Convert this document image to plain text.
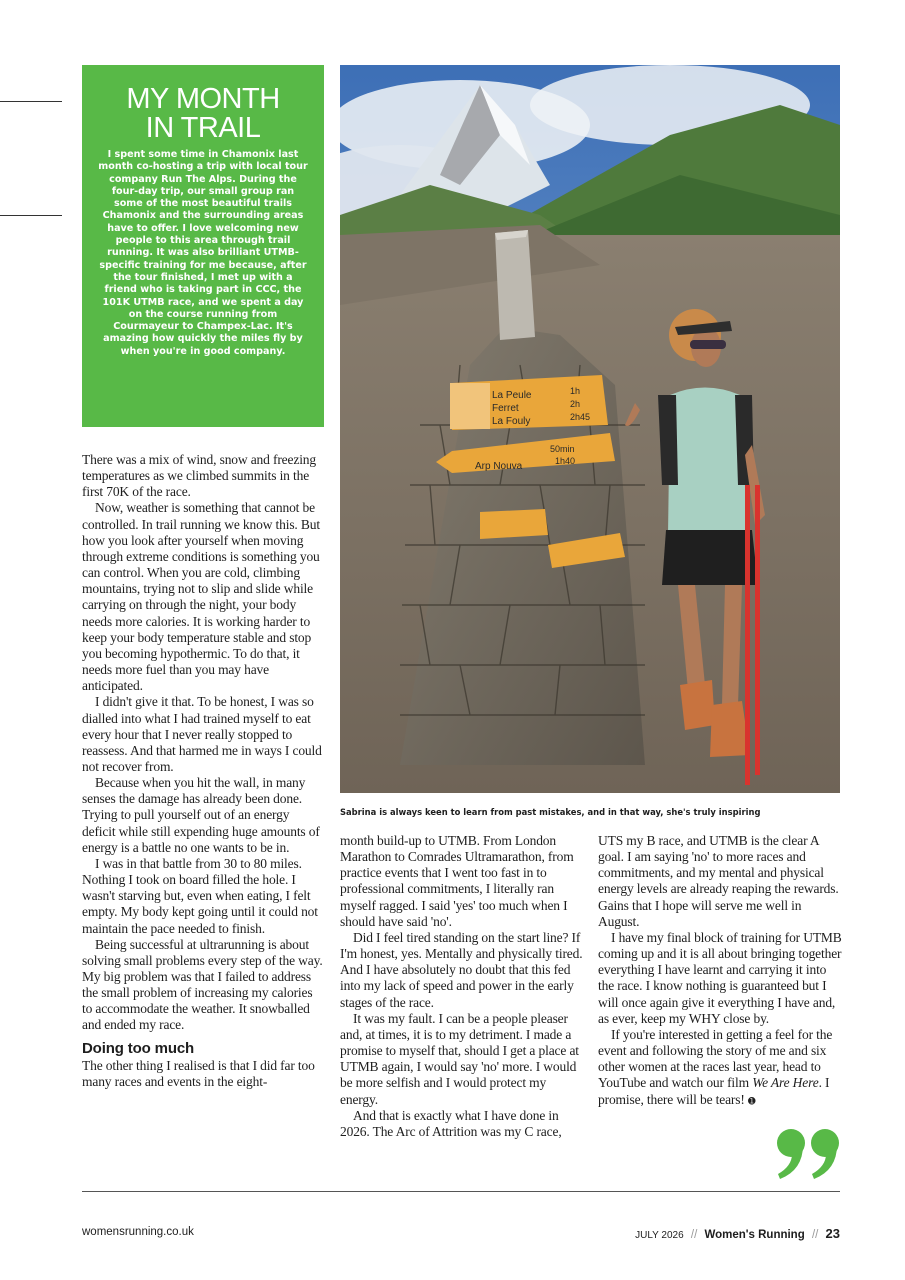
MY MONTH
IN TRAIL

I spent some time in Chamonix last month co-hosting a trip with local tour company Run The Alps. During the four-day trip, our small group ran some of the most beautiful trails Chamonix and the surrounding areas have to offer. I love welcoming new people to this area through trail running. It was also brilliant UTMB-specific training for me because, after the tour finished, I met up with a friend who is taking part in CCC, the 101K UTMB race, and we spent a day on the course running from Courmayeur to Champex-Lac. It's amazing how quickly the miles fly by when you're in good company.

La Peule
Ferret
La Fouly
1h
2h
2h45
Arp Nouva
50min
1h40
Sabrina is always keen to learn from past mistakes, and in that way, she's truly inspiring

There was a mix of wind, snow and freezing temperatures as we climbed summits in the first 70K of the race.

Now, weather is something that cannot be controlled. In trail running we know this. But how you look after yourself when moving through extreme conditions is something you can control. When you are cold, climbing mountains, trying not to slip and slide while carrying on through the night, your body needs more calories. It is working harder to keep your body temperature stable and stop you becoming hypothermic. To do that, it needs more fuel than you may have anticipated.

I didn't give it that. To be honest, I was so dialled into what I had trained myself to eat every hour that I never really stopped to reassess. And that harmed me in ways I could not recover from.

Because when you hit the wall, in many senses the damage has already been done. Trying to pull yourself out of an energy deficit while still expending huge amounts of energy is a battle no one wants to be in.

I was in that battle from 30 to 80 miles. Nothing I took on board filled the hole. I wasn't starving but, even when eating, I felt empty. My body kept going until it could not maintain the pace needed to finish.

Being successful at ultrarunning is about solving small problems every step of the way. My big problem was that I failed to address the small problem of increasing my calories to accommodate the weather. It snowballed and ended my race.

Doing too much

The other thing I realised is that I did far too many races and events in the eight-

month build-up to UTMB. From London Marathon to Comrades Ultramarathon, from practice events that I went too fast in to professional commitments, I literally ran myself ragged. I said 'yes' too much when I should have said 'no'.

Did I feel tired standing on the start line? If I'm honest, yes. Mentally and physically tired. And I have absolutely no doubt that this fed into my lack of speed and power in the early stages of the race.

It was my fault. I can be a people pleaser and, at times, it is to my detriment. I made a promise to myself that, should I get a place at UTMB again, I would say 'no' more. I would be more selfish and I would protect my energy.

And that is exactly what I have done in 2026. The Arc of Attrition was my C race,

UTS my B race, and UTMB is the clear A goal. I am saying 'no' to more races and commitments, and my mental and physical energy levels are already reaping the rewards. Gains that I hope will serve me well in August.

I have my final block of training for UTMB coming up and it is all about bringing together everything I have learnt and carrying it into the race. I know nothing is guaranteed but I will once again give it everything I have and, as ever, keep my WHY close by.

If you're interested in getting a feel for the event and following the story of me and six other women at the races last year, head to YouTube and watch our film We Are Here. I promise, there will be tears! ➊

womensrunning.co.uk	JULY 2026 // Women's Running // 23
